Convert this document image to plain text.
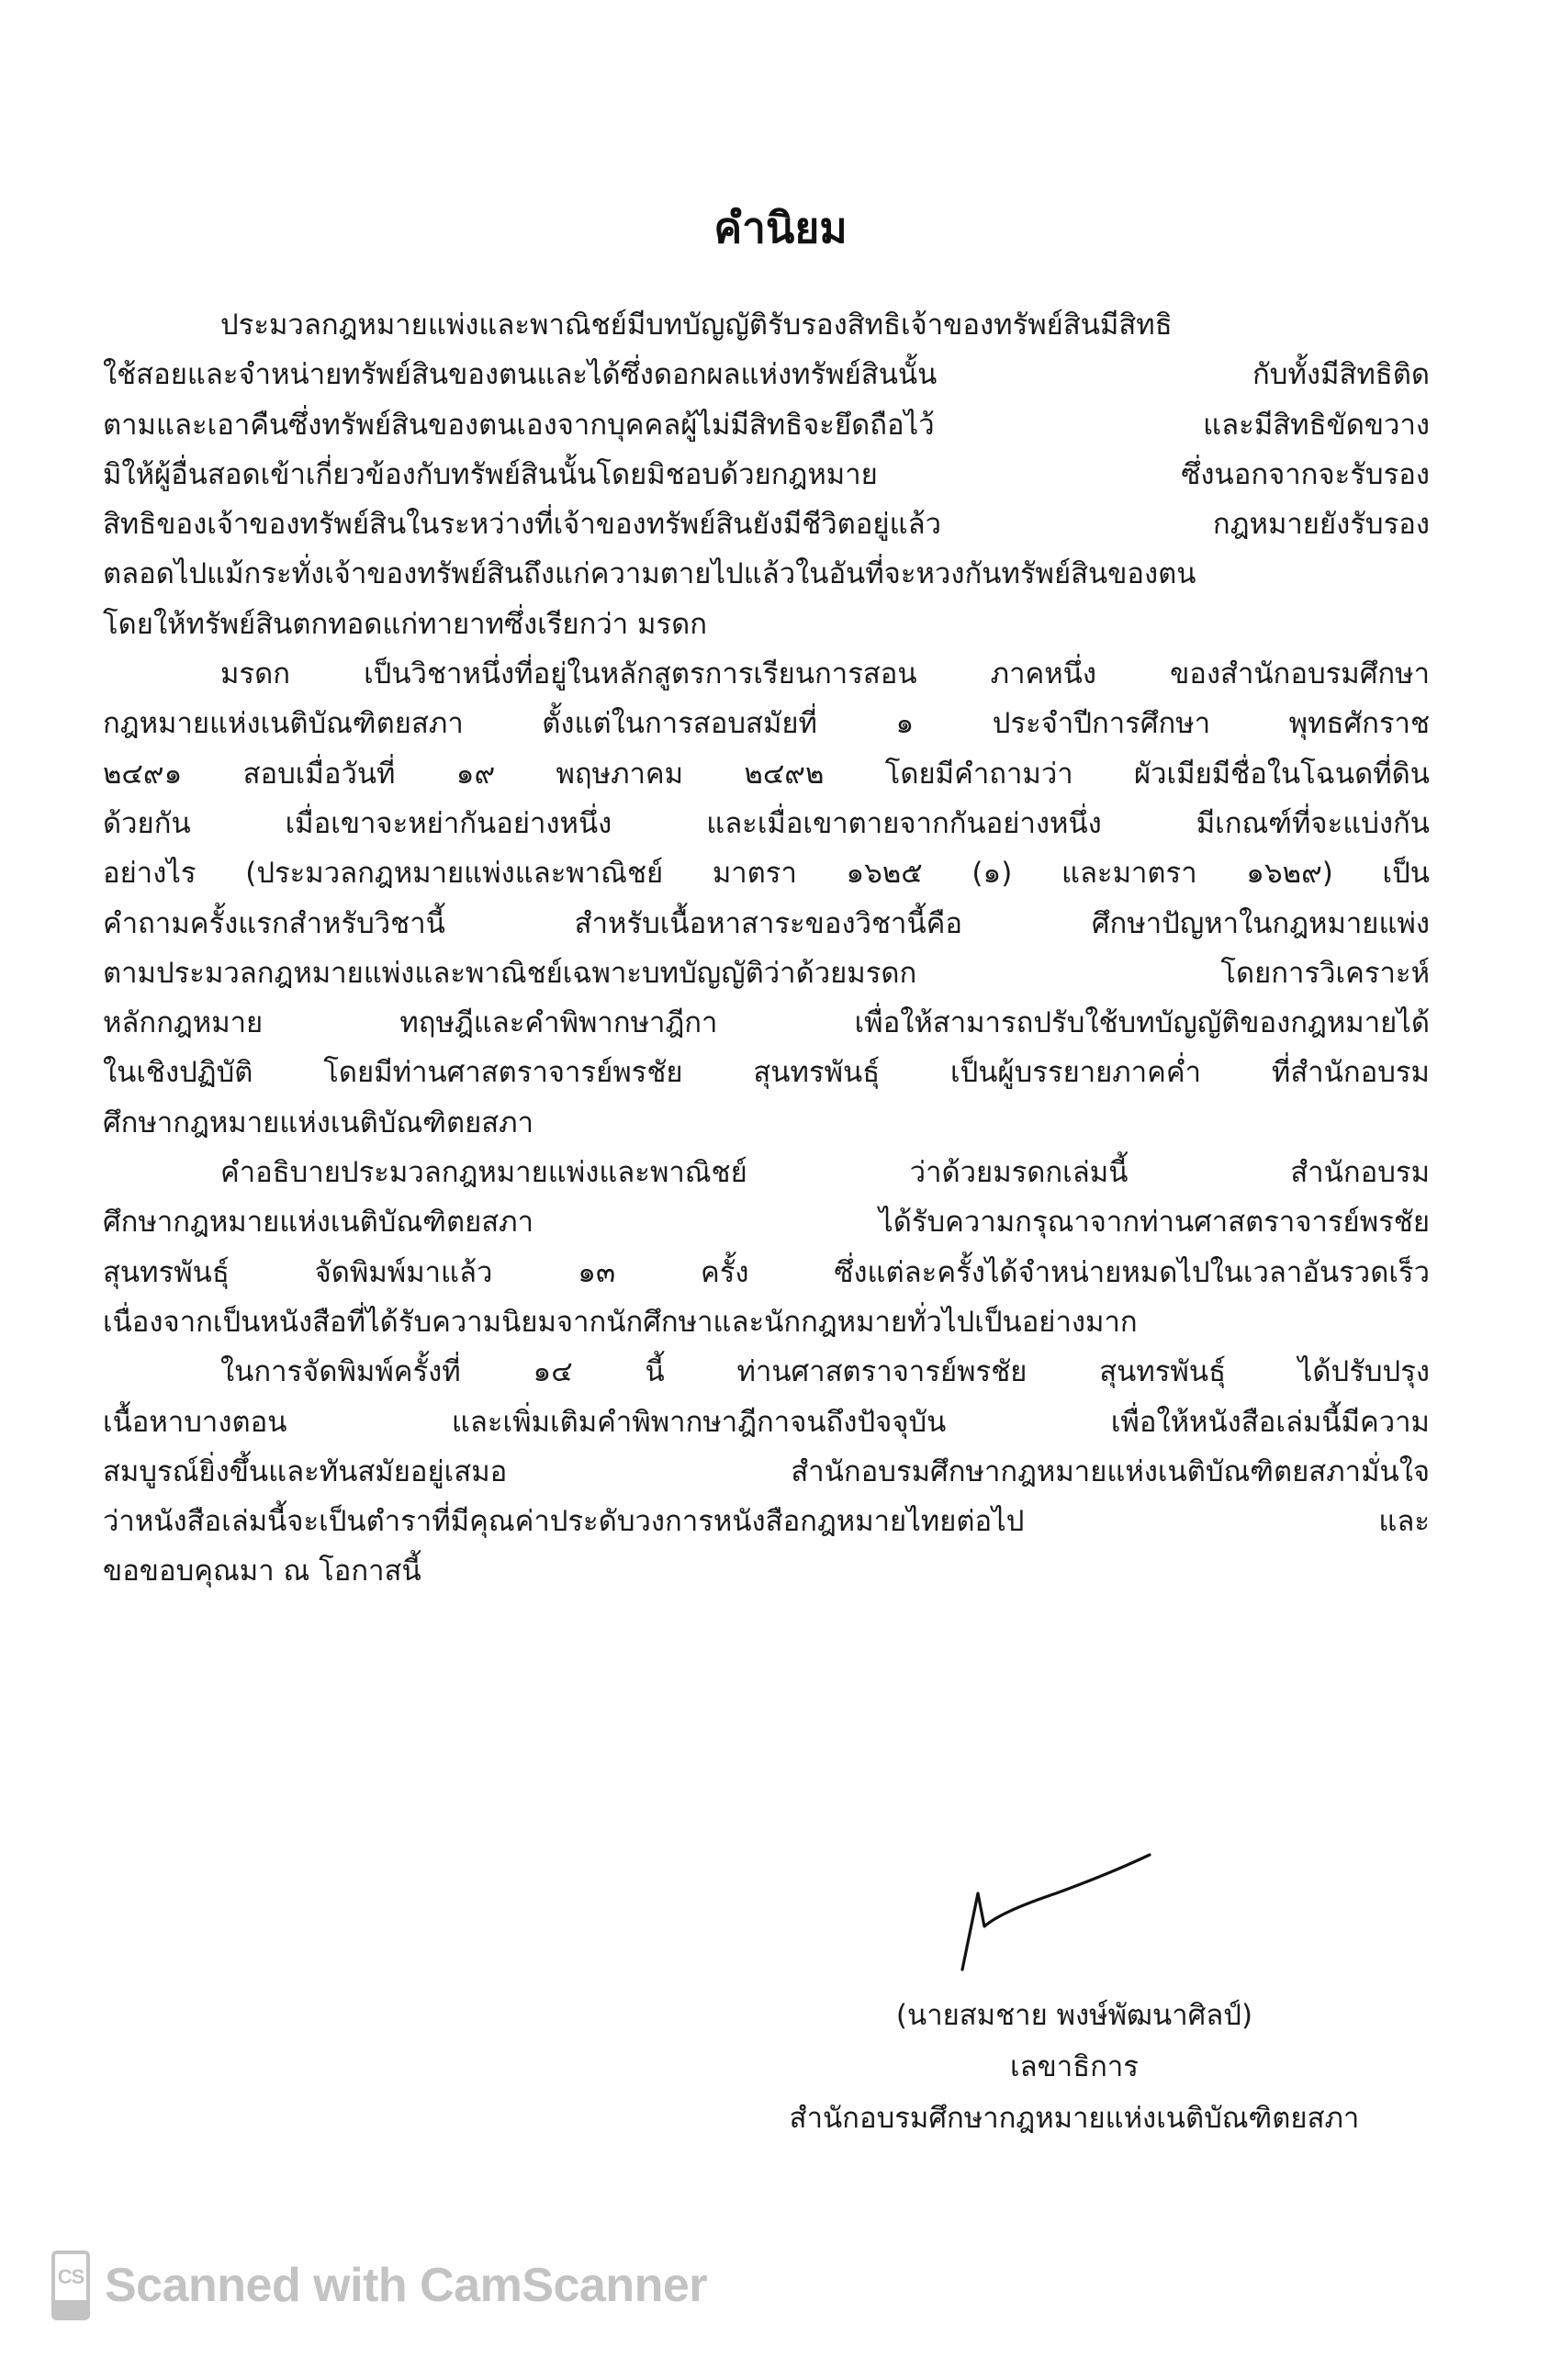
คำนิยม
ประมวลกฎหมายแพ่งและพาณิชย์มีบทบัญญัติรับรองสิทธิเจ้าของทรัพย์สินมีสิทธิ
ใช้สอยและจำหน่ายทรัพย์สินของตนและได้ซึ่งดอกผลแห่งทรัพย์สินนั้น กับทั้งมีสิทธิติด
ตามและเอาคืนซึ่งทรัพย์สินของตนเองจากบุคคลผู้ไม่มีสิทธิจะยึดถือไว้ และมีสิทธิขัดขวาง
มิให้ผู้อื่นสอดเข้าเกี่ยวข้องกับทรัพย์สินนั้นโดยมิชอบด้วยกฎหมาย ซึ่งนอกจากจะรับรอง
สิทธิของเจ้าของทรัพย์สินในระหว่างที่เจ้าของทรัพย์สินยังมีชีวิตอยู่แล้ว กฎหมายยังรับรอง
ตลอดไปแม้กระทั่งเจ้าของทรัพย์สินถึงแก่ความตายไปแล้วในอันที่จะหวงกันทรัพย์สินของตน
โดยให้ทรัพย์สินตกทอดแก่ทายาทซึ่งเรียกว่า มรดก
มรดก เป็นวิชาหนึ่งที่อยู่ในหลักสูตรการเรียนการสอน ภาคหนึ่ง ของสำนักอบรมศึกษา
กฎหมายแห่งเนติบัณฑิตยสภา ตั้งแต่ในการสอบสมัยที่ ๑ ประจำปีการศึกษา พุทธศักราช
๒๔๙๑ สอบเมื่อวันที่ ๑๙ พฤษภาคม ๒๔๙๒ โดยมีคำถามว่า ผัวเมียมีชื่อในโฉนดที่ดิน
ด้วยกัน เมื่อเขาจะหย่ากันอย่างหนึ่ง และเมื่อเขาตายจากกันอย่างหนึ่ง มีเกณฑ์ที่จะแบ่งกัน
อย่างไร (ประมวลกฎหมายแพ่งและพาณิชย์ มาตรา ๑๖๒๕ (๑) และมาตรา ๑๖๒๙) เป็น
คำถามครั้งแรกสำหรับวิชานี้ สำหรับเนื้อหาสาระของวิชานี้คือ ศึกษาปัญหาในกฎหมายแพ่ง
ตามประมวลกฎหมายแพ่งและพาณิชย์เฉพาะบทบัญญัติว่าด้วยมรดก โดยการวิเคราะห์
หลักกฎหมาย ทฤษฎีและคำพิพากษาฎีกา เพื่อให้สามารถปรับใช้บทบัญญัติของกฎหมายได้
ในเชิงปฏิบัติ โดยมีท่านศาสตราจารย์พรชัย สุนทรพันธุ์ เป็นผู้บรรยายภาคค่ำ ที่สำนักอบรม
ศึกษากฎหมายแห่งเนติบัณฑิตยสภา
คำอธิบายประมวลกฎหมายแพ่งและพาณิชย์ ว่าด้วยมรดกเล่มนี้ สำนักอบรม
ศึกษากฎหมายแห่งเนติบัณฑิตยสภา ได้รับความกรุณาจากท่านศาสตราจารย์พรชัย
สุนทรพันธุ์ จัดพิมพ์มาแล้ว ๑๓ ครั้ง ซึ่งแต่ละครั้งได้จำหน่ายหมดไปในเวลาอันรวดเร็ว
เนื่องจากเป็นหนังสือที่ได้รับความนิยมจากนักศึกษาและนักกฎหมายทั่วไปเป็นอย่างมาก
ในการจัดพิมพ์ครั้งที่ ๑๔ นี้ ท่านศาสตราจารย์พรชัย สุนทรพันธุ์ ได้ปรับปรุง
เนื้อหาบางตอน และเพิ่มเติมคำพิพากษาฎีกาจนถึงปัจจุบัน เพื่อให้หนังสือเล่มนี้มีความ
สมบูรณ์ยิ่งขึ้นและทันสมัยอยู่เสมอ สำนักอบรมศึกษากฎหมายแห่งเนติบัณฑิตยสภามั่นใจ
ว่าหนังสือเล่มนี้จะเป็นตำราที่มีคุณค่าประดับวงการหนังสือกฎหมายไทยต่อไป และ
ขอขอบคุณมา ณ โอกาสนี้
(นายสมชาย พงษ์พัฒนาศิลป์)
เลขาธิการ
สำนักอบรมศึกษากฎหมายแห่งเนติบัณฑิตยสภา
CS Scanned with CamScanner
